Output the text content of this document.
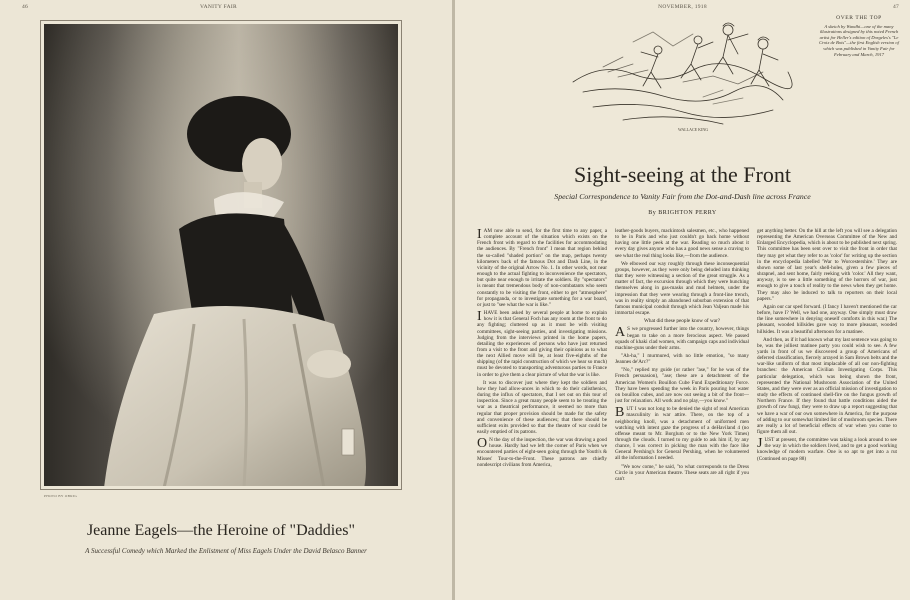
46	VANITY FAIR
PHOTO BY OBRIG
Jeanne Eagels—the Heroine of "Daddies"

A Successful Comedy which Marked the Enlistment of Miss Eagels Under the David Belasco Banner

NOVEMBER, 1918	47
WALLACE KING
OVER THE TOP

A sketch by Wandhi—one of the many illustrations designed by this noted French artist for Heller's edition of Dorgeles's "Le Croix de Bois"—the first English version of which was published in Vanity Fair for February and March, 1917

Sight-seeing at the Front

Special Correspondence to Vanity Fair from the Dot-and-Dash line across France

By BRIGHTON PERRY

IAM now able to send, for the first time to any paper, a complete account of the situation which exists on the French front with regard to the facilities for accommodating the audiences. By "French front" I mean that region behind the so-called "shaded portion" on the map, perhaps twenty kilometers back of the famous Dot and Dash Line, in the vicinity of the original Arrow No. 1. In other words, not near enough to the actual fighting to inconvenience the spectators, but quite near enough to irritate the soldiers. By "spectators" is meant that tremendous body of non-combatants who seem constantly to be visiting the front, either to get "atmosphere" for propaganda, or to investigate something for a war board, or just to "see what the war is like."

IHAVE been asked by several people at home to explain how it is that General Foch has any room at the front to do any fighting; cluttered up as it must be with visiting committees, sight-seeing parties, and investigating missions. Judging from the interviews printed in the home papers, detailing the experiences of persons who have just returned from a visit to the front and giving their opinions as to what the next Allied move will be, at least five-eighths of the shipping (of the rapid construction of which we hear so much) must be devoted to transporting adventurous parties to France in order to give them a clear picture of what the war is like.

It was to discover just where they kept the soldiers and how they had allow-ances in which to do their calisthenics, during the influx of spectators, that I set out on this tour of inspection. Since a great many people seem to be treating the war as a theatrical performance, it seemed no more than regular that proper provision should be made for the safety and convenience of these audiences; that there should be sufficient exits provided so that the theatre of war could be easily emptied of its patrons.

ON the day of the inspection, the war was drawing a good house. Hardly had we left the corner of Paris when we encountered parties of eight-seen going through the Youth's & Misses' Tour-to-the-Front. These patrons are chiefly nondescript civilians from America,

leather-goods buyers, mackintosh salesmen, etc., who happened to be in Paris and who just couldn't go back home without having one little peek at the war. Reading so much about it every day gives anyone who has a good news sense a craving to see what the real thing looks like,—from the audience.

We elbowed our way roughly through these inconsequential groups, however, as they were only being deluded into thinking that they were witnessing a section of the great struggle. As a matter of fact, the excursion through which they were hunching themselves along in gas-masks and mud helmets, under the impression that they were wearing through a front-line trench, was in reality simply an abandoned suburban extension of that famous municipal conduit through which Jean Valjean made his immortal escape.

What did these people know of war?

AS we progressed further into the country, however, things began to take on a more ferocious aspect. We passed squads of khaki clad women, with campaign caps and individual machine-guns under their arms.

"Ah-ha," I murmured, with no little emotion, "so many Jeannes de'Arc?"

"No," replied my guide (or rather "ase," for he was of the French persuasion), "ase; these are a detachment of the American Women's Bouillon Cube Fund Expeditionary Force. They have been spending the week in Paris pouring hot water on bouillon cubes, and are now out seeing a bit of the front—just for relaxation. All work and no play,—you know."

BUT I was not long to be denied the sight of real American masculinity in war attire. There, on the top of a neighboring knoll, was a detachment of uniformed men watching with intent gaze the progress of a deHaviland 4 (no offense meant to Mr. Borglum or to the New York Times) through the clouds. I turned to my guide to ask him if, by any chance, I was correct in picking the man with the face like General Pershing's for General Pershing, when he volunteered all the information I needed.

"We now come," he said, "to what corresponds to the Dress Circle in your American theatre. These seats are all right if you can't

get anything better. On the hill at the left you will see a delegation representing the American Overseas Committee of the New and Enlarged Encyclopedia, which is about to be published next spring. This committee has been sent over to visit the front in order that they may get what they refer to as 'color' for writing up the section in the encyclopedia labelled 'War to Worcestershire.' They are shown some of last year's shell-holes, given a few pieces of shrapnel, and sent home, fairly reeking with 'color.' All they want, anyway, is to see a little something of the horrors of war, just enough to give a touch of reality to the news when they get home. They may also be induced to talk to reporters on their local papers."

Again our car sped forward. (I fancy I haven't mentioned the car before, have I? Well, we had one, anyway. One simply must draw the line somewhere in denying oneself comforts in this war.) The pleasant, wooded hillsides gave way to more pleasant, wooded hillsides. It was a beautiful afternoon for a matinee.

And then, as if it had known what my last sentence was going to be, was the jolliest matinee party you could wish to see. A few yards in front of us we discovered a group of Americans of deferred classification, fiercely arrayed in Sam Brown belts and the war-like uniform of that most implacable of all our non-fighting branches: the American Civilian Investigating Corps. This particular delegation, which was being shown the front, represented the National Mushroom Association of the United States, and they were over as an official mission of investigation to study the effects of continued shell-fire on the fungus growth of Northern France. If they found that battle conditions aided the growth of raw fungi, they were to draw up a report suggesting that we have a war of our own somewhere in America, for the purpose of adding to our somewhat limited list of mushroom species. There are really a lot of beneficial effects of war when you come to figure them all out.

JUST at present, the committee was taking a look around to see the way in which the soldiers lived, and to get a good working knowledge of modern warfare. One is so apt to get into a rut (Continued on page 88)
